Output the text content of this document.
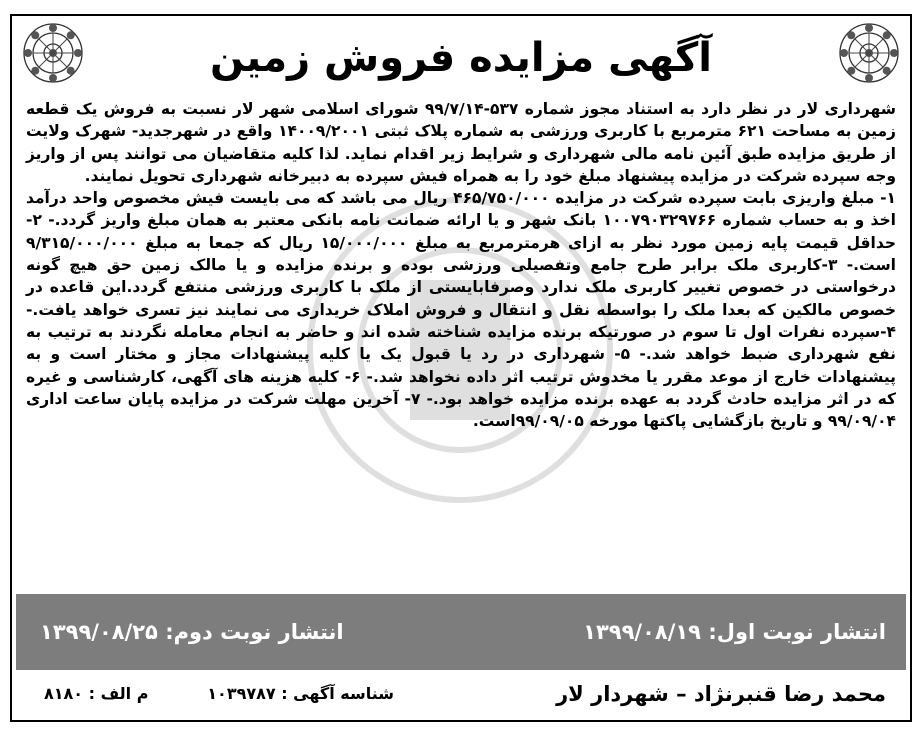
آگهی مزایده فروش زمین

شهرداری لار در نظر دارد به استناد مجوز شماره ۵۳۷-۹۹/۷/۱۴ شورای اسلامی شهر لار نسبت به فروش یک قطعه زمین به مساحت ۶۲۱ مترمربع با کاربری ورزشی به شماره پلاک ثبتی ۱۴۰۰۹/۲۰۰۱ واقع در شهرجدید- شهرک ولایت از طریق مزایده طبق آئین نامه مالی شهرداری و شرایط زیر اقدام نماید. لذا کلیه متقاضیان می توانند پس از واریز وجه سپرده شرکت در مزایده پیشنهاد مبلغ خود را به همراه فیش سپرده به دبیرخانه شهرداری تحویل نمایند.

۱- مبلغ واریزی بابت سپرده شرکت در مزایده ۴۶۵/۷۵۰/۰۰۰ ریال می باشد که می بایست فیش مخصوص واحد درآمد اخذ و به حساب شماره ۱۰۰۷۹۰۳۲۹۷۶۶ بانک شهر و یا ارائه ضمانت نامه بانکی معتبر به همان مبلغ واریز گردد.- ۲- حداقل قیمت پایه زمین مورد نظر به ازای هرمترمربع به مبلغ ۱۵/۰۰۰/۰۰۰ ریال که جمعا به مبلغ ۹/۳۱۵/۰۰۰/۰۰۰ است.- ۳-کاربری ملک برابر طرح جامع وتفصیلی ورزشی بوده و برنده مزایده و یا مالک زمین حق هیچ گونه درخواستی در خصوص تغییر کاربری ملک ندارد وصرفابایستی از ملک با کاربری ورزشی منتفع گردد.این قاعده در خصوص مالکین که بعدا ملک را بواسطه نقل و انتقال و فروش املاک خریداری می نمایند نیز تسری خواهد یافت.- ۴-سپرده نفرات اول تا سوم در صورتیکه برنده مزایده شناخته شده اند و حاضر به انجام معامله نگردند به ترتیب به نفع شهرداری ضبط خواهد شد.- ۵- شهرداری در رد یا قبول یک یا کلیه پیشنهادات مجاز و مختار است و به پیشنهادات خارج از موعد مقرر یا مخدوش ترتیب اثر داده نخواهد شد.- ۶- کلیه هزینه های آگهی، کارشناسی و غیره که در اثر مزایده حادث گردد به عهده برنده مزایده خواهد بود.- ۷- آخرین مهلت شرکت در مزایده پایان ساعت اداری ۹۹/۰۹/۰۴ و تاریخ بازگشایی پاکتها مورخه ۹۹/۰۹/۰۵است.

انتشار نوبت اول: ۱۳۹۹/۰۸/۱۹
انتشار نوبت دوم: ۱۳۹۹/۰۸/۲۵
محمد رضا قنبرنژاد – شهردار لار
شناسه آگهی : ۱۰۳۹۷۸۷
م الف : ۸۱۸۰
